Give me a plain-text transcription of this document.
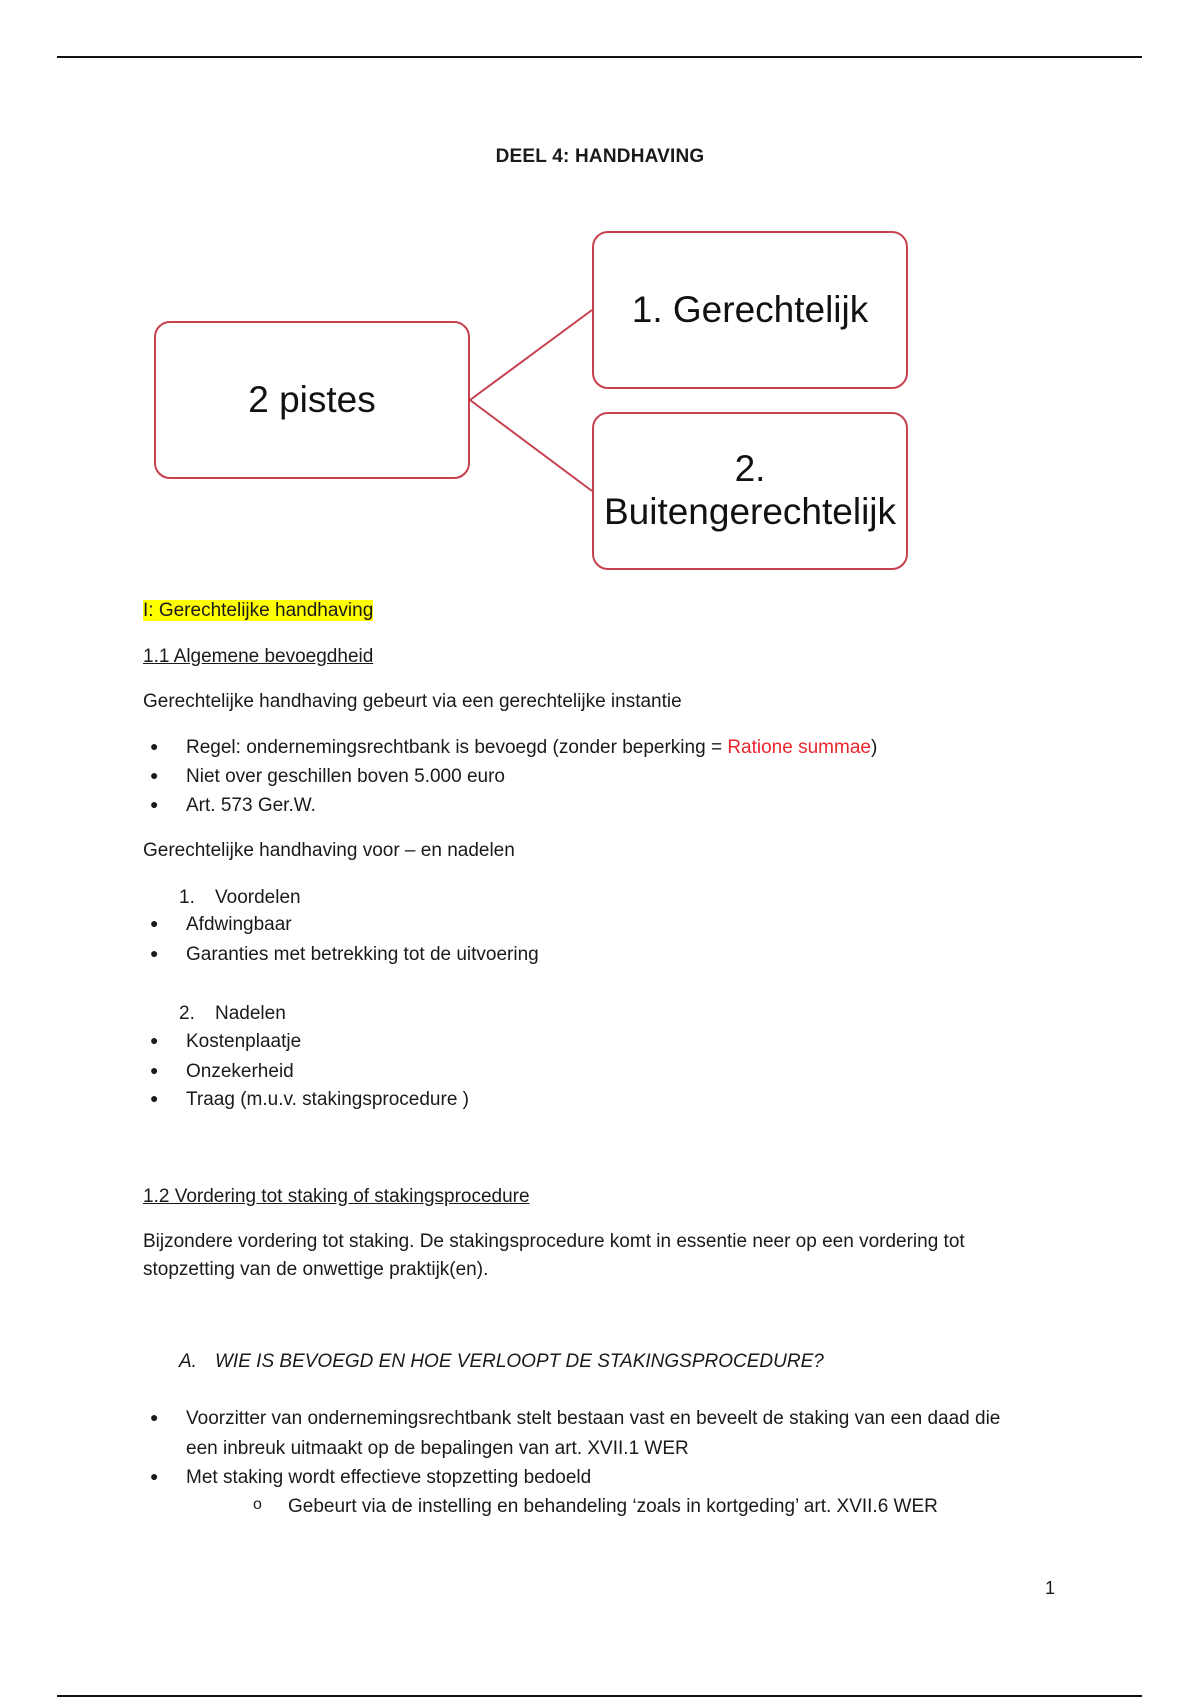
DEEL 4: HANDHAVING
2 pistes
1. Gerechtelijk
2.
Buitengerechtelijk
I: Gerechtelijke handhaving
1.1 Algemene bevoegdheid
Gerechtelijke handhaving gebeurt via een gerechtelijke instantie
● Regel: ondernemingsrechtbank is bevoegd (zonder beperking = Ratione summae)
● Niet over geschillen boven 5.000 euro
● Art. 573 Ger.W.
Gerechtelijke handhaving voor – en nadelen
1. Voordelen
● Afdwingbaar
● Garanties met betrekking tot de uitvoering
2. Nadelen
● Kostenplaatje
● Onzekerheid
● Traag (m.u.v. stakingsprocedure )
1.2 Vordering tot staking of stakingsprocedure
Bijzondere vordering tot staking. De stakingsprocedure komt in essentie neer op een vordering tot
stopzetting van de onwettige praktijk(en).
A. WIE IS BEVOEGD EN HOE VERLOOPT DE STAKINGSPROCEDURE?
● Voorzitter van ondernemingsrechtbank stelt bestaan vast en beveelt de staking van een daad die
een inbreuk uitmaakt op de bepalingen van art. XVII.1 WER
● Met staking wordt effectieve stopzetting bedoeld
o Gebeurt via de instelling en behandeling ‘zoals in kortgeding’ art. XVII.6 WER
1
